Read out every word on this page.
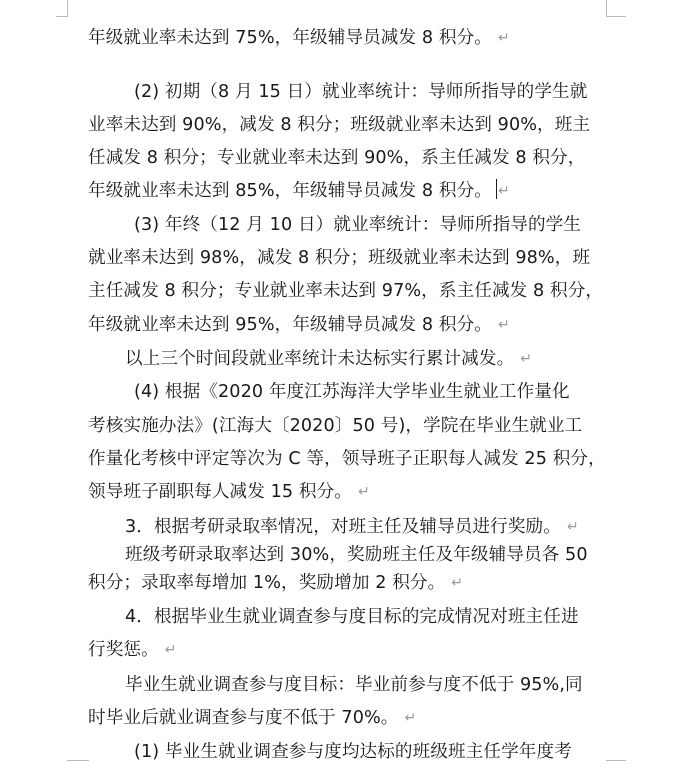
年级就业率未达到 75%，年级辅导员减发 8 积分。 ↵
(2) 初期（8 月 15 日）就业率统计：导师所指导的学生就
业率未达到 90%，减发 8 积分；班级就业率未达到 90%，班主
任减发 8 积分；专业就业率未达到 90%，系主任减发 8 积分，
年级就业率未达到 85%，年级辅导员减发 8 积分。 ↵
(3) 年终（12 月 10 日）就业率统计：导师所指导的学生
就业率未达到 98%，减发 8 积分；班级就业率未达到 98%，班
主任减发 8 积分；专业就业率未达到 97%，系主任减发 8 积分，
年级就业率未达到 95%，年级辅导员减发 8 积分。 ↵
以上三个时间段就业率统计未达标实行累计减发。 ↵
(4) 根据《2020 年度江苏海洋大学毕业生就业工作量化
考核实施办法》(江海大〔2020〕50 号)，学院在毕业生就业工
作量化考核中评定等次为 C 等，领导班子正职每人减发 25 积分，
领导班子副职每人减发 15 积分。 ↵
3．根据考研录取率情况，对班主任及辅导员进行奖励。 ↵
班级考研录取率达到 30%，奖励班主任及年级辅导员各 50
积分；录取率每增加 1%，奖励增加 2 积分。 ↵
4．根据毕业生就业调查参与度目标的完成情况对班主任进
行奖惩。 ↵
毕业生就业调查参与度目标：毕业前参与度不低于 95%,同
时毕业后就业调查参与度不低于 70%。 ↵
(1) 毕业生就业调查参与度均达标的班级班主任学年度考
